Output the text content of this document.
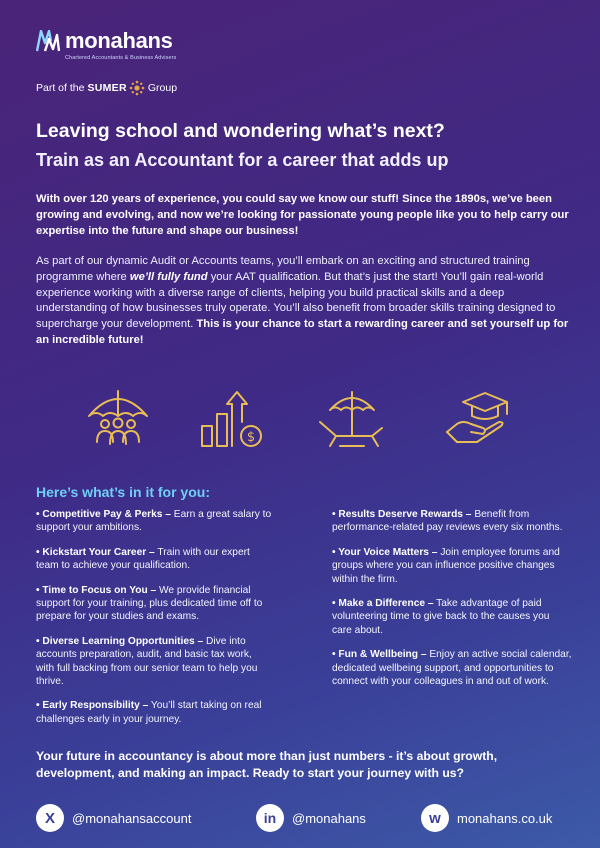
monahans
Chartered Accountants & Business Advisers
Part of the SUMER Group
Leaving school and wondering what’s next?
Train as an Accountant for a career that adds up

With over 120 years of experience, you could say we know our stuff! Since the 1890s, we’ve been growing and evolving, and now we’re looking for passionate young people like you to help carry our expertise into the future and shape our business!

As part of our dynamic Audit or Accounts teams, you’ll embark on an exciting and structured training programme where we’ll fully fund your AAT qualification. But that’s just the start! You’ll gain real-world experience working with a diverse range of clients, helping you build practical skills and a deep understanding of how businesses truly operate. You’ll also benefit from broader skills training designed to supercharge your development. This is your chance to start a rewarding career and set yourself up for an incredible future!

$
Here’s what’s in it for you:

• Competitive Pay & Perks – Earn a great salary to support your ambitions.

• Kickstart Your Career – Train with our expert team to achieve your qualification.

• Time to Focus on You – We provide financial support for your training, plus dedicated time off to prepare for your studies and exams.

• Diverse Learning Opportunities – Dive into accounts preparation, audit, and basic tax work, with full backing from our senior team to help you thrive.

• Early Responsibility – You’ll start taking on real challenges early in your journey.

• Results Deserve Rewards – Benefit from performance-related pay reviews every six months.

• Your Voice Matters – Join employee forums and groups where you can influence positive changes within the firm.

• Make a Difference – Take advantage of paid volunteering time to give back to the causes you care about.

• Fun & Wellbeing – Enjoy an active social calendar, dedicated wellbeing support, and opportunities to connect with your colleagues in and out of work.

Your future in accountancy is about more than just numbers - it’s about growth, development, and making an impact. Ready to start your journey with us?

X	@monahansaccount	in	@monahans	w	monahans.co.uk
